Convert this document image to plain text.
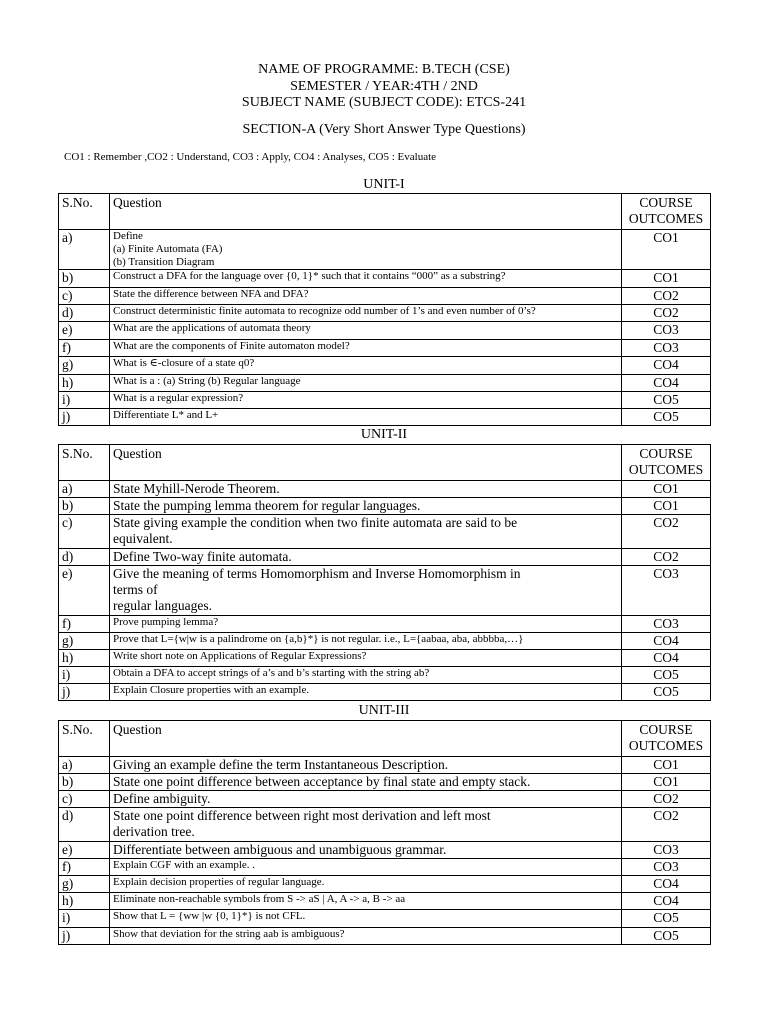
NAME OF PROGRAMME: B.TECH (CSE)
SEMESTER / YEAR:4TH / 2ND
SUBJECT NAME (SUBJECT CODE): ETCS-241
SECTION-A (Very Short Answer Type Questions)
CO1 : Remember ,CO2 : Understand, CO3 : Apply, CO4 : Analyses, CO5 : Evaluate
UNIT-I
S.No.	Question	COURSE
OUTCOMES

a)	Define
(a) Finite Automata (FA)
(b) Transition Diagram	CO1
b)	Construct a DFA for the language over {0, 1}* such that it contains “000” as a substring?	CO1
c)	State the difference between NFA and DFA?	CO2
d)	Construct deterministic finite automata to recognize odd number of 1’s and even number of 0’s?	CO2
e)	What are the applications of automata theory	CO3
f)	What are the components of Finite automaton model?	CO3
g)	What is ∈-closure of a state q0?	CO4
h)	What is a : (a) String (b) Regular language	CO4
i)	What is a regular expression?	CO5
j)	Differentiate L* and L+	CO5
UNIT-II
S.No.	Question	COURSE
OUTCOMES

a)	State Myhill-Nerode Theorem.	CO1
b)	State the pumping lemma theorem for regular languages.	CO1
c)	State giving example the condition when two finite automata are said to be
equivalent.	CO2
d)	Define Two-way finite automata.	CO2
e)	Give the meaning of terms Homomorphism and Inverse Homomorphism in
terms of
regular languages.	CO3
f)	Prove pumping lemma?	CO3
g)	Prove that L={w|w is a palindrome on {a,b}*} is not regular. i.e., L={aabaa, aba, abbbba,…}	CO4
h)	Write short note on Applications of Regular Expressions?	CO4
i)	Obtain a DFA to accept strings of a’s and b’s starting with the string ab?	CO5
j)	Explain Closure properties with an example.	CO5
UNIT-III
S.No.	Question	COURSE
OUTCOMES

a)	Giving an example define the term Instantaneous Description.	CO1
b)	State one point difference between acceptance by final state and empty stack.	CO1
c)	Define ambiguity.	CO2
d)	State one point difference between right most derivation and left most
derivation tree.	CO2
e)	Differentiate between ambiguous and unambiguous grammar.	CO3
f)	Explain CGF with an example. .	CO3
g)	Explain decision properties of regular language.	CO4
h)	Eliminate non-reachable symbols from S -> aS | A, A -> a, B -> aa	CO4
i)	Show that L = {ww |w {0, 1}*} is not CFL.	CO5
j)	Show that deviation for the string aab is ambiguous?	CO5
